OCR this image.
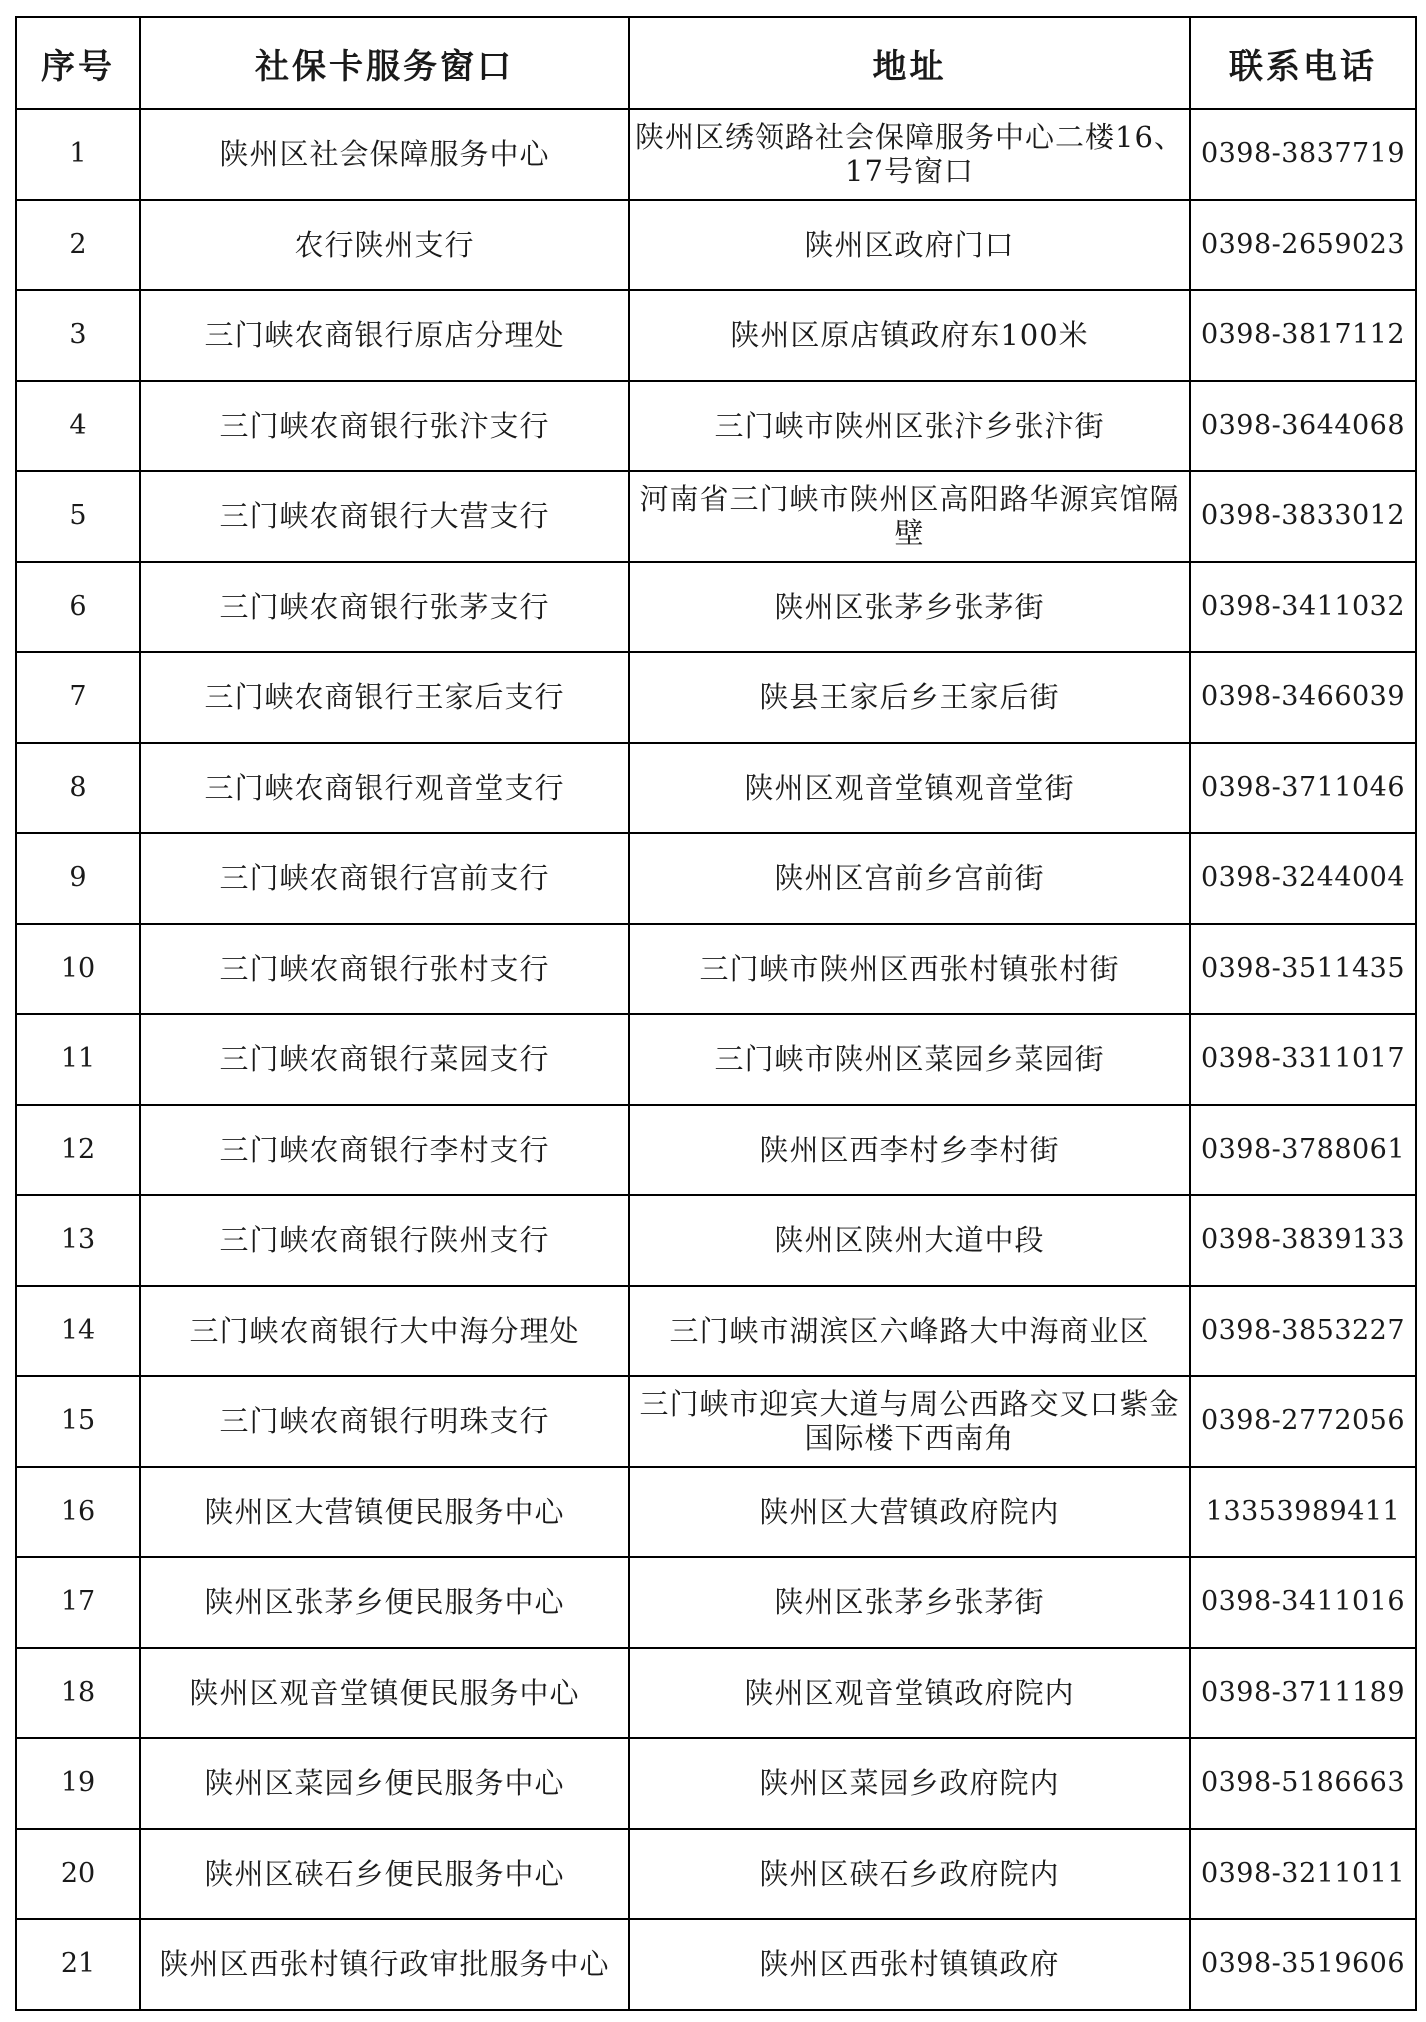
序号	社保卡服务窗口	地址	联系电话
1	陕州区社会保障服务中心	陕州区绣领路社会保障服务中心二楼16、17号窗口	0398-3837719
2	农行陕州支行	陕州区政府门口	0398-2659023
3	三门峡农商银行原店分理处	陕州区原店镇政府东100米	0398-3817112
4	三门峡农商银行张汴支行	三门峡市陕州区张汴乡张汴街	0398-3644068
5	三门峡农商银行大营支行	河南省三门峡市陕州区高阳路华源宾馆隔壁	0398-3833012
6	三门峡农商银行张茅支行	陕州区张茅乡张茅街	0398-3411032
7	三门峡农商银行王家后支行	陕县王家后乡王家后街	0398-3466039
8	三门峡农商银行观音堂支行	陕州区观音堂镇观音堂街	0398-3711046
9	三门峡农商银行宫前支行	陕州区宫前乡宫前街	0398-3244004
10	三门峡农商银行张村支行	三门峡市陕州区西张村镇张村街	0398-3511435
11	三门峡农商银行菜园支行	三门峡市陕州区菜园乡菜园街	0398-3311017
12	三门峡农商银行李村支行	陕州区西李村乡李村街	0398-3788061
13	三门峡农商银行陕州支行	陕州区陕州大道中段	0398-3839133
14	三门峡农商银行大中海分理处	三门峡市湖滨区六峰路大中海商业区	0398-3853227
15	三门峡农商银行明珠支行	三门峡市迎宾大道与周公西路交叉口紫金国际楼下西南角	0398-2772056
16	陕州区大营镇便民服务中心	陕州区大营镇政府院内	13353989411
17	陕州区张茅乡便民服务中心	陕州区张茅乡张茅街	0398-3411016
18	陕州区观音堂镇便民服务中心	陕州区观音堂镇政府院内	0398-3711189
19	陕州区菜园乡便民服务中心	陕州区菜园乡政府院内	0398-5186663
20	陕州区硖石乡便民服务中心	陕州区硖石乡政府院内	0398-3211011
21	陕州区西张村镇行政审批服务中心	陕州区西张村镇镇政府	0398-3519606
